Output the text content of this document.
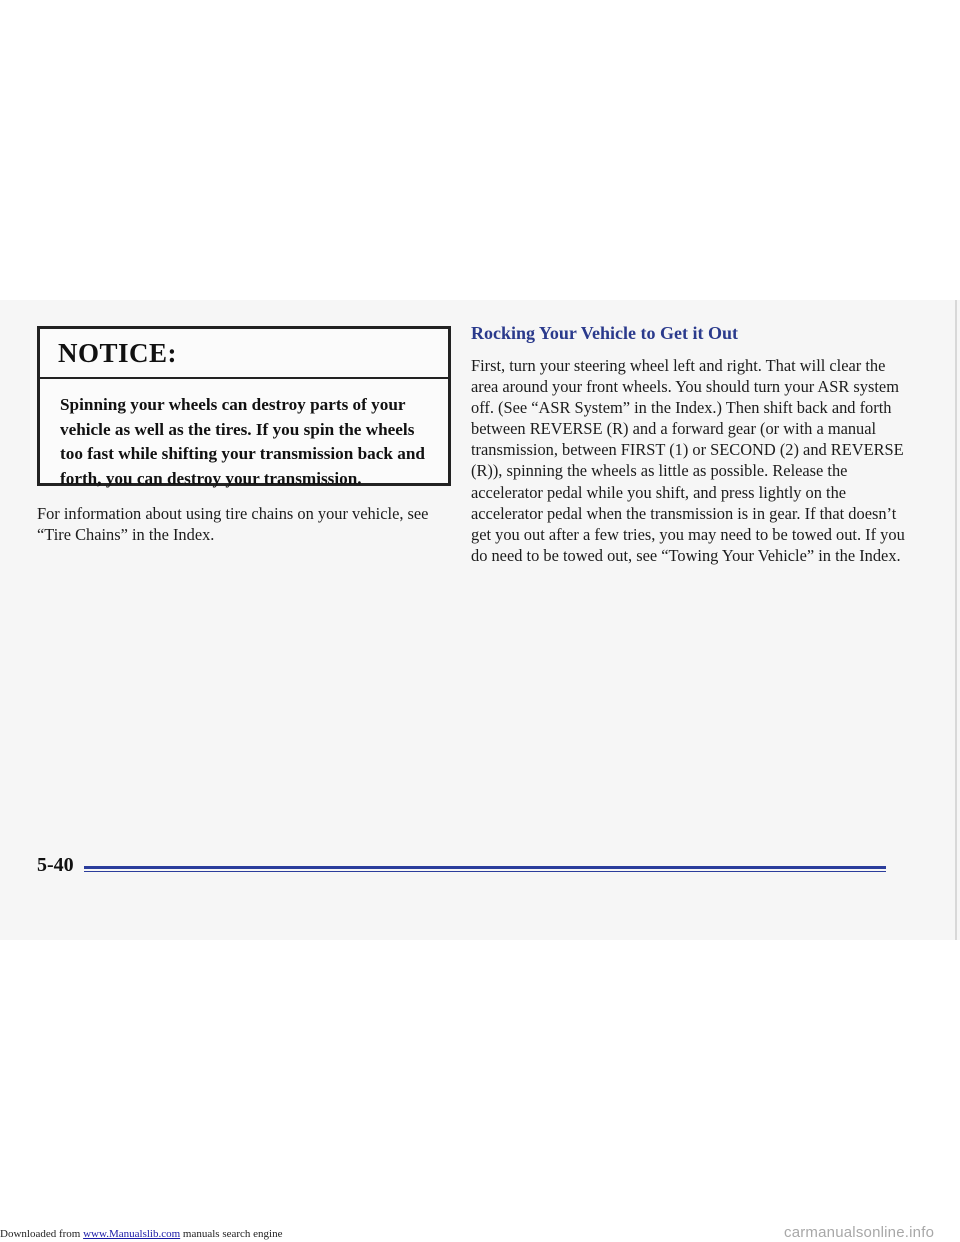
NOTICE:
Spinning your wheels can destroy parts of your vehicle as well as the tires. If you spin the wheels too fast while shifting your transmission back and forth, you can destroy your transmission.
For information about using tire chains on your vehicle, see “Tire Chains” in the Index.
Rocking Your Vehicle to Get it Out
First, turn your steering wheel left and right. That will clear the area around your front wheels. You should turn your ASR system off. (See “ASR System” in the Index.) Then shift back and forth between REVERSE (R) and a forward gear (or with a manual transmission, between FIRST (1) or SECOND (2) and REVERSE (R)), spinning the wheels as little as possible. Release the accelerator pedal while you shift, and press lightly on the accelerator pedal when the transmission is in gear. If that doesn’t get you out after a few tries, you may need to be towed out. If you do need to be towed out, see “Towing Your Vehicle” in the Index.
5-40
Downloaded from www.Manualslib.com manuals search engine	carmanualsonline.info
